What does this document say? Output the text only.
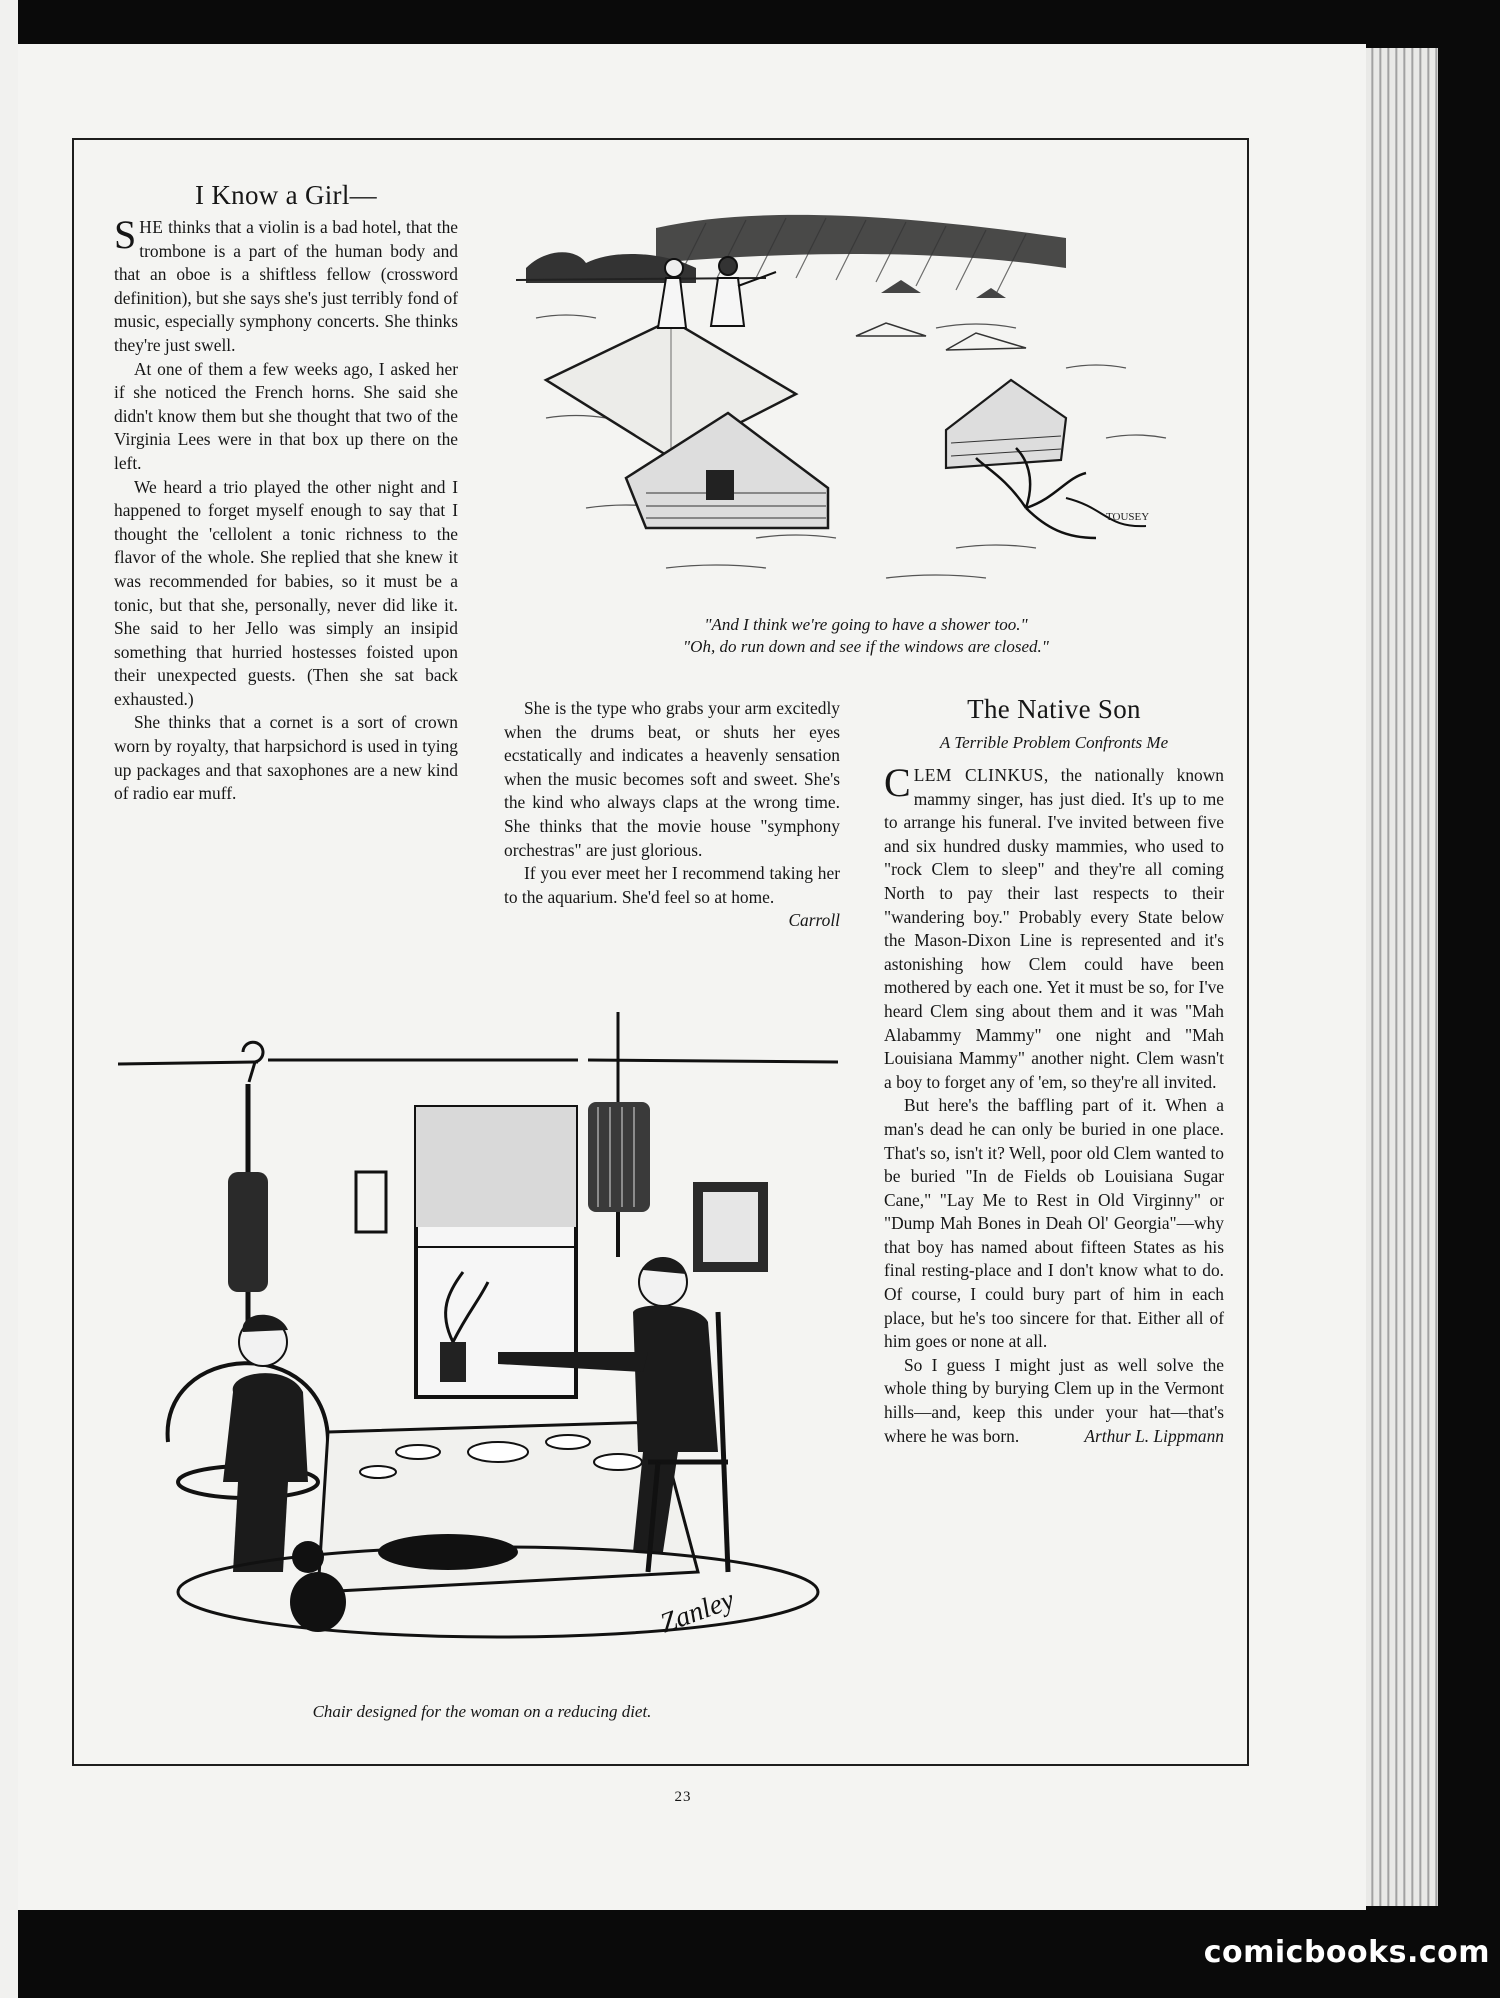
I Know a Girl—

SHE thinks that a violin is a bad hotel, that the trombone is a part of the human body and that an oboe is a shiftless fellow (crossword definition), but she says she's just terribly fond of music, especially symphony concerts. She thinks they're just swell.

At one of them a few weeks ago, I asked her if she noticed the French horns. She said she didn't know them but she thought that two of the Virginia Lees were in that box up there on the left.

We heard a trio played the other night and I happened to forget myself enough to say that I thought the 'cellolent a tonic richness to the flavor of the whole. She replied that she knew it was recommended for babies, so it must be a tonic, but that she, personally, never did like it. She said to her Jello was simply an insipid something that hurried hostesses foisted upon their unexpected guests. (Then she sat back exhausted.)

She thinks that a cornet is a sort of crown worn by royalty, that harpsichord is used in tying up packages and that saxophones are a new kind of radio ear muff.

She is the type who grabs your arm excitedly when the drums beat, or shuts her eyes ecstatically and indicates a heavenly sensation when the music becomes soft and sweet. She's the kind who always claps at the wrong time. She thinks that the movie house "symphony orchestras" are just glorious.

If you ever meet her I recommend taking her to the aquarium. She'd feel so at home.
Carroll

TOUSEY
"And I think we're going to have a shower too."
"Oh, do run down and see if the windows are closed."
Zanley
Chair designed for the woman on a reducing diet.
The Native Son
A Terrible Problem Confronts Me

CLEM CLINKUS, the nationally known mammy singer, has just died. It's up to me to arrange his funeral. I've invited between five and six hundred dusky mammies, who used to "rock Clem to sleep" and they're all coming North to pay their last respects to their "wandering boy." Probably every State below the Mason-Dixon Line is represented and it's astonishing how Clem could have been mothered by each one. Yet it must be so, for I've heard Clem sing about them and it was "Mah Alabammy Mammy" one night and "Mah Louisiana Mammy" another night. Clem wasn't a boy to forget any of 'em, so they're all invited.

But here's the baffling part of it. When a man's dead he can only be buried in one place. That's so, isn't it? Well, poor old Clem wanted to be buried "In de Fields ob Louisiana Sugar Cane," "Lay Me to Rest in Old Virginny" or "Dump Mah Bones in Deah Ol' Georgia"—why that boy has named about fifteen States as his final resting-place and I don't know what to do. Of course, I could bury part of him in each place, but he's too sincere for that. Either all of him goes or none at all.

So I guess I might just as well solve the whole thing by burying Clem up in the Vermont hills—and, keep this under your hat—that's where he was born.	Arthur L. Lippmann

23
comicbooks.com
